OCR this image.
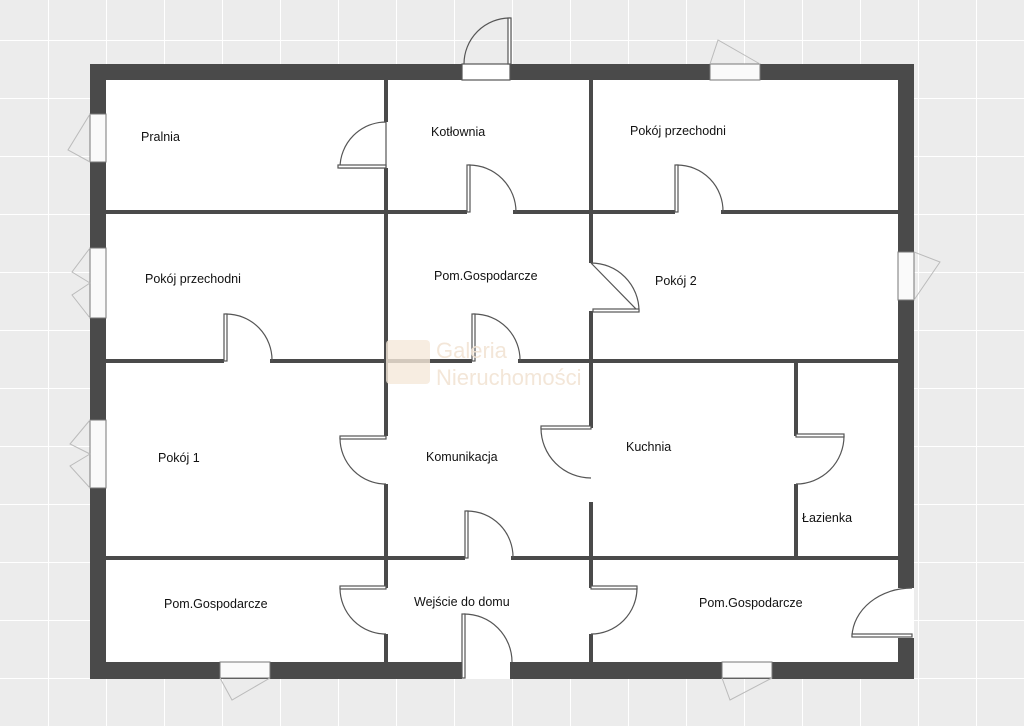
Galeria
Nieruchomości
Pralnia	Kotłownia	Pokój przechodni
Pokój przechodni	Pom.Gospodarcze	Pokój 2
Pokój 1	Komunikacja
Kuchnia
Łazienka
Pom.Gospodarcze	Wejście do domu	Pom.Gospodarcze
